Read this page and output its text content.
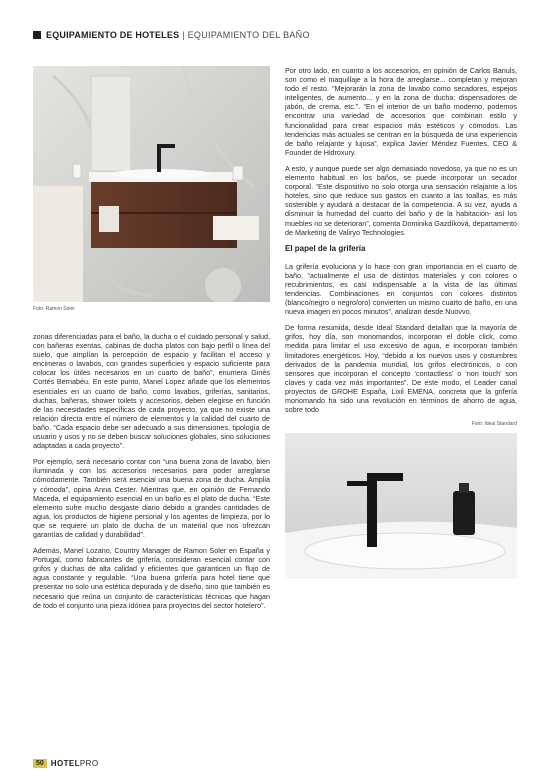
EQUIPAMIENTO DE HOTELES | EQUIPAMIENTO DEL BAÑO
Foto: Ramon Soler

zonas diferenciadas para el baño, la ducha o el cuidado personal y salud, con bañeras exentas, cabinas de ducha platos con bajo perfil o línea del suelo, que amplían la percepción de espacio y facilitan el acceso y encimeras o lavabos, con grandes superficies y espacio suficiente para colocar los útiles necesarios en un cuarto de baño”, enumera Ginés Cortés Bernabéu. En este punto, Manel Lopez añade que los elementos esenciales en un cuarto de baño, como lavabos, griferías, sanitarios, duchas, bañeras, shower toilets y accesorios, deben elegirse en función de las necesidades específicas de cada proyecto, ya que no existe una relación directa entre el número de elementos y la calidad del cuarto de baño. “Cada espacio debe ser adecuado a sus dimensiones, tipología de usuario y usos y no se deben buscar soluciones globales, sino soluciones adaptadas a cada proyecto”.

Por ejemplo, será necesario contar con “una buena zona de lavabo, bien iluminada y con los accesorios necesarios para poder arreglarse cómodamente. También será esencial una buena zona de ducha. Amplia y cómoda”, opina Anna Cester. Mientras que, en opinión de Fernando Maceda, el equipamiento esencial en un baño es el plato de ducha. “Este elemento sufre mucho desgaste diario debido a grandes cantidades de agua, los productos de higiene personal y los agentes de limpieza, por lo que se requiere un plato de ducha de un material que nos ofrezcan garantías de calidad y durabilidad”.

Además, Manel Lozano, Country Manager de Ramon Soler en España y Portugal, como fabricantes de grifería, consideran esencial contar con grifos y duchas de alta calidad y eficientes que garanticen un flujo de agua constante y regulable. “Una buena grifería para hotel tiene que presentar no solo una estética depurada y de diseño, sino que también es necesario que reúna un conjunto de características técnicas que hagan de todo el conjunto una pieza idónea para proyectos del sector hotelero”.

Por otro lado, en cuanto a los accesorios, en opinión de Carlos Banuls, son como el maquillaje a la hora de arreglarse... completan y mejoran todo el resto. “Mejorarán la zona de lavabo como secadores, espejos inteligentes, de aumento... y en la zona de ducha: dispensadores de jabón, de crema, etc.”. “En el interior de un baño moderno, podemos encontrar una variedad de accesorios que combinan estilo y funcionalidad para crear espacios más estéticos y cómodos. Las tendencias más actuales se centran en la búsqueda de una experiencia de baño relajante y lujosa”, explica Javier Méndez Fuentes, CEO & Founder de Hidroxury.

A esto, y aunque puede ser algo demasiado novedoso, ya que no es un elemento habitual en los baños, se puede incorporar un secador corporal. “Este dispositivo no solo otorga una sensación relajante a los hoteles, sino que reduce sus gastos en cuanto a las toallas, es más sostenible y ayudará a destacar de la competencia. A su vez, ayuda a disminuir la humedad del cuarto del baño y de la habitación- así los muebles no se deterioran”, comenta Dominika Gazdíková, departamento de Marketing de Valiryo Technologies.

El papel de la grifería

La grifería evoluciona y lo hace con gran importancia en el cuarto de baño, “actualmente el uso de distintos materiales y con colores o recubrimientos, es casi indispensable a la vista de las últimas tendencias. Combinaciones en conjuntos con colores distintos (blanco/negro o negro/oro) convierten un mismo cuarto de baño, en una nueva imagen en pocos minutos”, analizan desde Nuovvo.

De forma resumida, desde Ideal Standard detallan que la mayoría de grifos, hoy día, son monomandos, incorporan el doble click, como medida para limitar el uso excesivo de agua, e incorporan también limitadores energéticos. Hoy, “debido a los nuevos usos y costumbres derivados de la pandemia mundial, los grifos electrónicos, o con sensores que incorporan el concepto ‘contactless’ o ‘non touch’ son claves y cada vez más importantes”. De este modo, el Leader canal proyectos de GROHE España, Lixil EMENA, concreta que la grifería monomando ha sido una revolución en términos de ahorro de agua, sobre todo

Foto: Ideal Standard
50 HOTELPRO
